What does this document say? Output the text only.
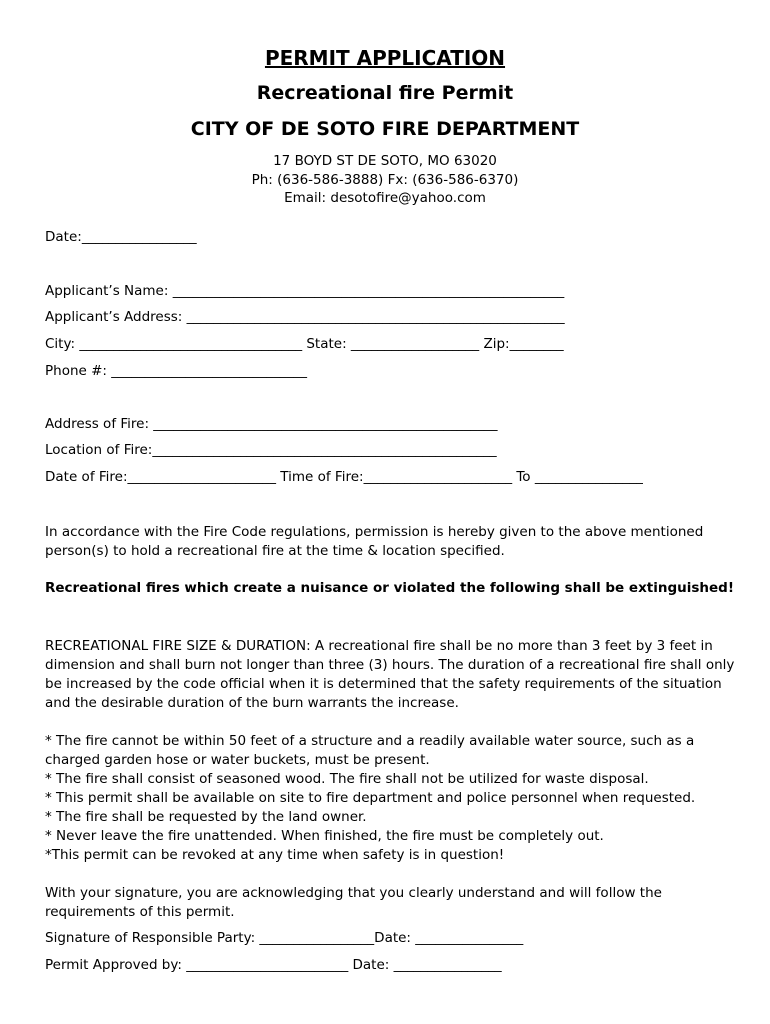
PERMIT APPLICATION
Recreational fire Permit
CITY OF DE SOTO FIRE DEPARTMENT
17 BOYD ST DE SOTO, MO 63020
Ph: (636-586-3888) Fx: (636-586-6370)
Email: desotofire@yahoo.com
Date:_________________
Applicant’s Name: __________________________________________________________
Applicant’s Address: ________________________________________________________
City: _________________________________ State: ___________________ Zip:________
Phone #: _____________________________
Address of Fire: ___________________________________________________
Location of Fire:___________________________________________________
Date of Fire:______________________ Time of Fire:______________________ To ________________
In accordance with the Fire Code regulations, permission is hereby given to the above mentioned person(s) to hold a recreational fire at the time & location specified.
Recreational fires which create a nuisance or violated the following shall be extinguished!
RECREATIONAL FIRE SIZE & DURATION: A recreational fire shall be no more than 3 feet by 3 feet in dimension and shall burn not longer than three (3) hours. The duration of a recreational fire shall only be increased by the code official when it is determined that the safety requirements of the situation and the desirable duration of the burn warrants the increase.
* The fire cannot be within 50 feet of a structure and a readily available water source, such as a charged garden hose or water buckets, must be present.
* The fire shall consist of seasoned wood. The fire shall not be utilized for waste disposal.
* This permit shall be available on site to fire department and police personnel when requested.
* The fire shall be requested by the land owner.
* Never leave the fire unattended. When finished, the fire must be completely out.
*This permit can be revoked at any time when safety is in question!
With your signature, you are acknowledging that you clearly understand and will follow the requirements of this permit.
Signature of Responsible Party: _________________Date: ________________
Permit Approved by: ________________________ Date: ________________
